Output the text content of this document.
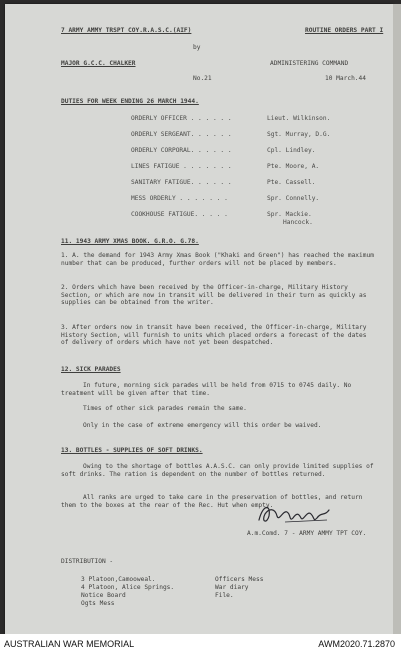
7 ARMY AMMY TRSPT COY.R.A.S.C.(AIF)	ROUTINE ORDERS PART I
by
MAJOR G.C.C. CHALKER	ADMINISTERING COMMAND
No.21	10 March.44
DUTIES FOR WEEK ENDING 26 MARCH 1944.
ORDERLY OFFICER . . . . . .	Lieut. Wilkinson.
ORDERLY SERGEANT. . . . . .	Sgt. Murray, D.G.
ORDERLY CORPORAL. . . . . .	Cpl. Lindley.
LINES FATIGUE . . . . . . .	Pte. Moore, A.
SANITARY FATIGUE. . . . . .	Pte. Cassell.
MESS ORDERLY . . . . . . .	Spr. Connelly.
COOKHOUSE FATIGUE. . . . .	Spr. Mackie.
Hancock.
11. 1943 ARMY XMAS BOOK. G.R.O. G.78.
1. A. the demand for 1943 Army Xmas Book ("Khaki and Green") has reached the maximum number that can be produced, further orders will not be placed by members.
2. Orders which have been received by the Officer-in-charge, Military History Section, or which are now in transit will be delivered in their turn as quickly as supplies can be obtained from the writer.
3. After orders now in transit have been received, the Officer-in-charge, Military History Section, will furnish to units which placed orders a forecast of the dates of delivery of orders which have not yet been despatched.
12. SICK PARADES
In future, morning sick parades will be held from 0715 to 0745 daily. No treatment will be given after that time.
Times of other sick parades remain the same.
Only in the case of extreme emergency will this order be waived.
13. BOTTLES - SUPPLIES OF SOFT DRINKS.
Owing to the shortage of bottles A.A.S.C. can only provide limited supplies of soft drinks. The ration is dependent on the number of bottles returned.
All ranks are urged to take care in the preservation of bottles, and return them to the boxes at the rear of the Rec. Hut when empty.
A.m.Comd. 7 - ARMY AMMY TPT COY.
DISTRIBUTION -
3 Platoon,Camooweal.
4 Platoon, Alice Springs.
Notice Board
Ogts Mess
Officers Mess
War diary
File.
AUSTRALIAN WAR MEMORIAL	AWM2020.71.2870
